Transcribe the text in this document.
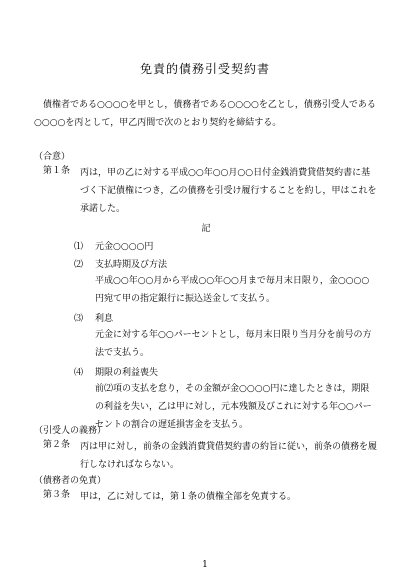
免責的債務引受契約書

債権者である○○○○を甲とし，債務者である○○○○を乙とし，債務引受人である○○○○を丙として，甲乙丙間で次のとおり契約を締結する。

（合意）
第１条	丙は，甲の乙に対する平成○○年○○月○○日付金銭消費貸借契約書に基づく下記債権につき，乙の債務を引受け履行することを約し，甲はこれを承諾した。
記
⑴	元金○○○○円
⑵	支払時期及び方法
平成○○年○○月から平成○○年○○月まで毎月末日限り，金○○○○円宛て甲の指定銀行に振込送金して支払う。
⑶	利息
元金に対する年○○パーセントとし，毎月末日限り当月分を前号の方法で支払う。
⑷	期限の利益喪失
前⑵項の支払を怠り，その金額が金○○○○円に達したときは，期限の利益を失い，乙は甲に対し，元本残額及びこれに対する年○○パーセントの割合の遅延損害金を支払う。
（引受人の義務）
第２条	丙は甲に対し，前条の金銭消費貸借契約書の約旨に従い，前条の債務を履行しなければならない。
（債務者の免責）
第３条	甲は，乙に対しては，第１条の債権全部を免責する。
1
